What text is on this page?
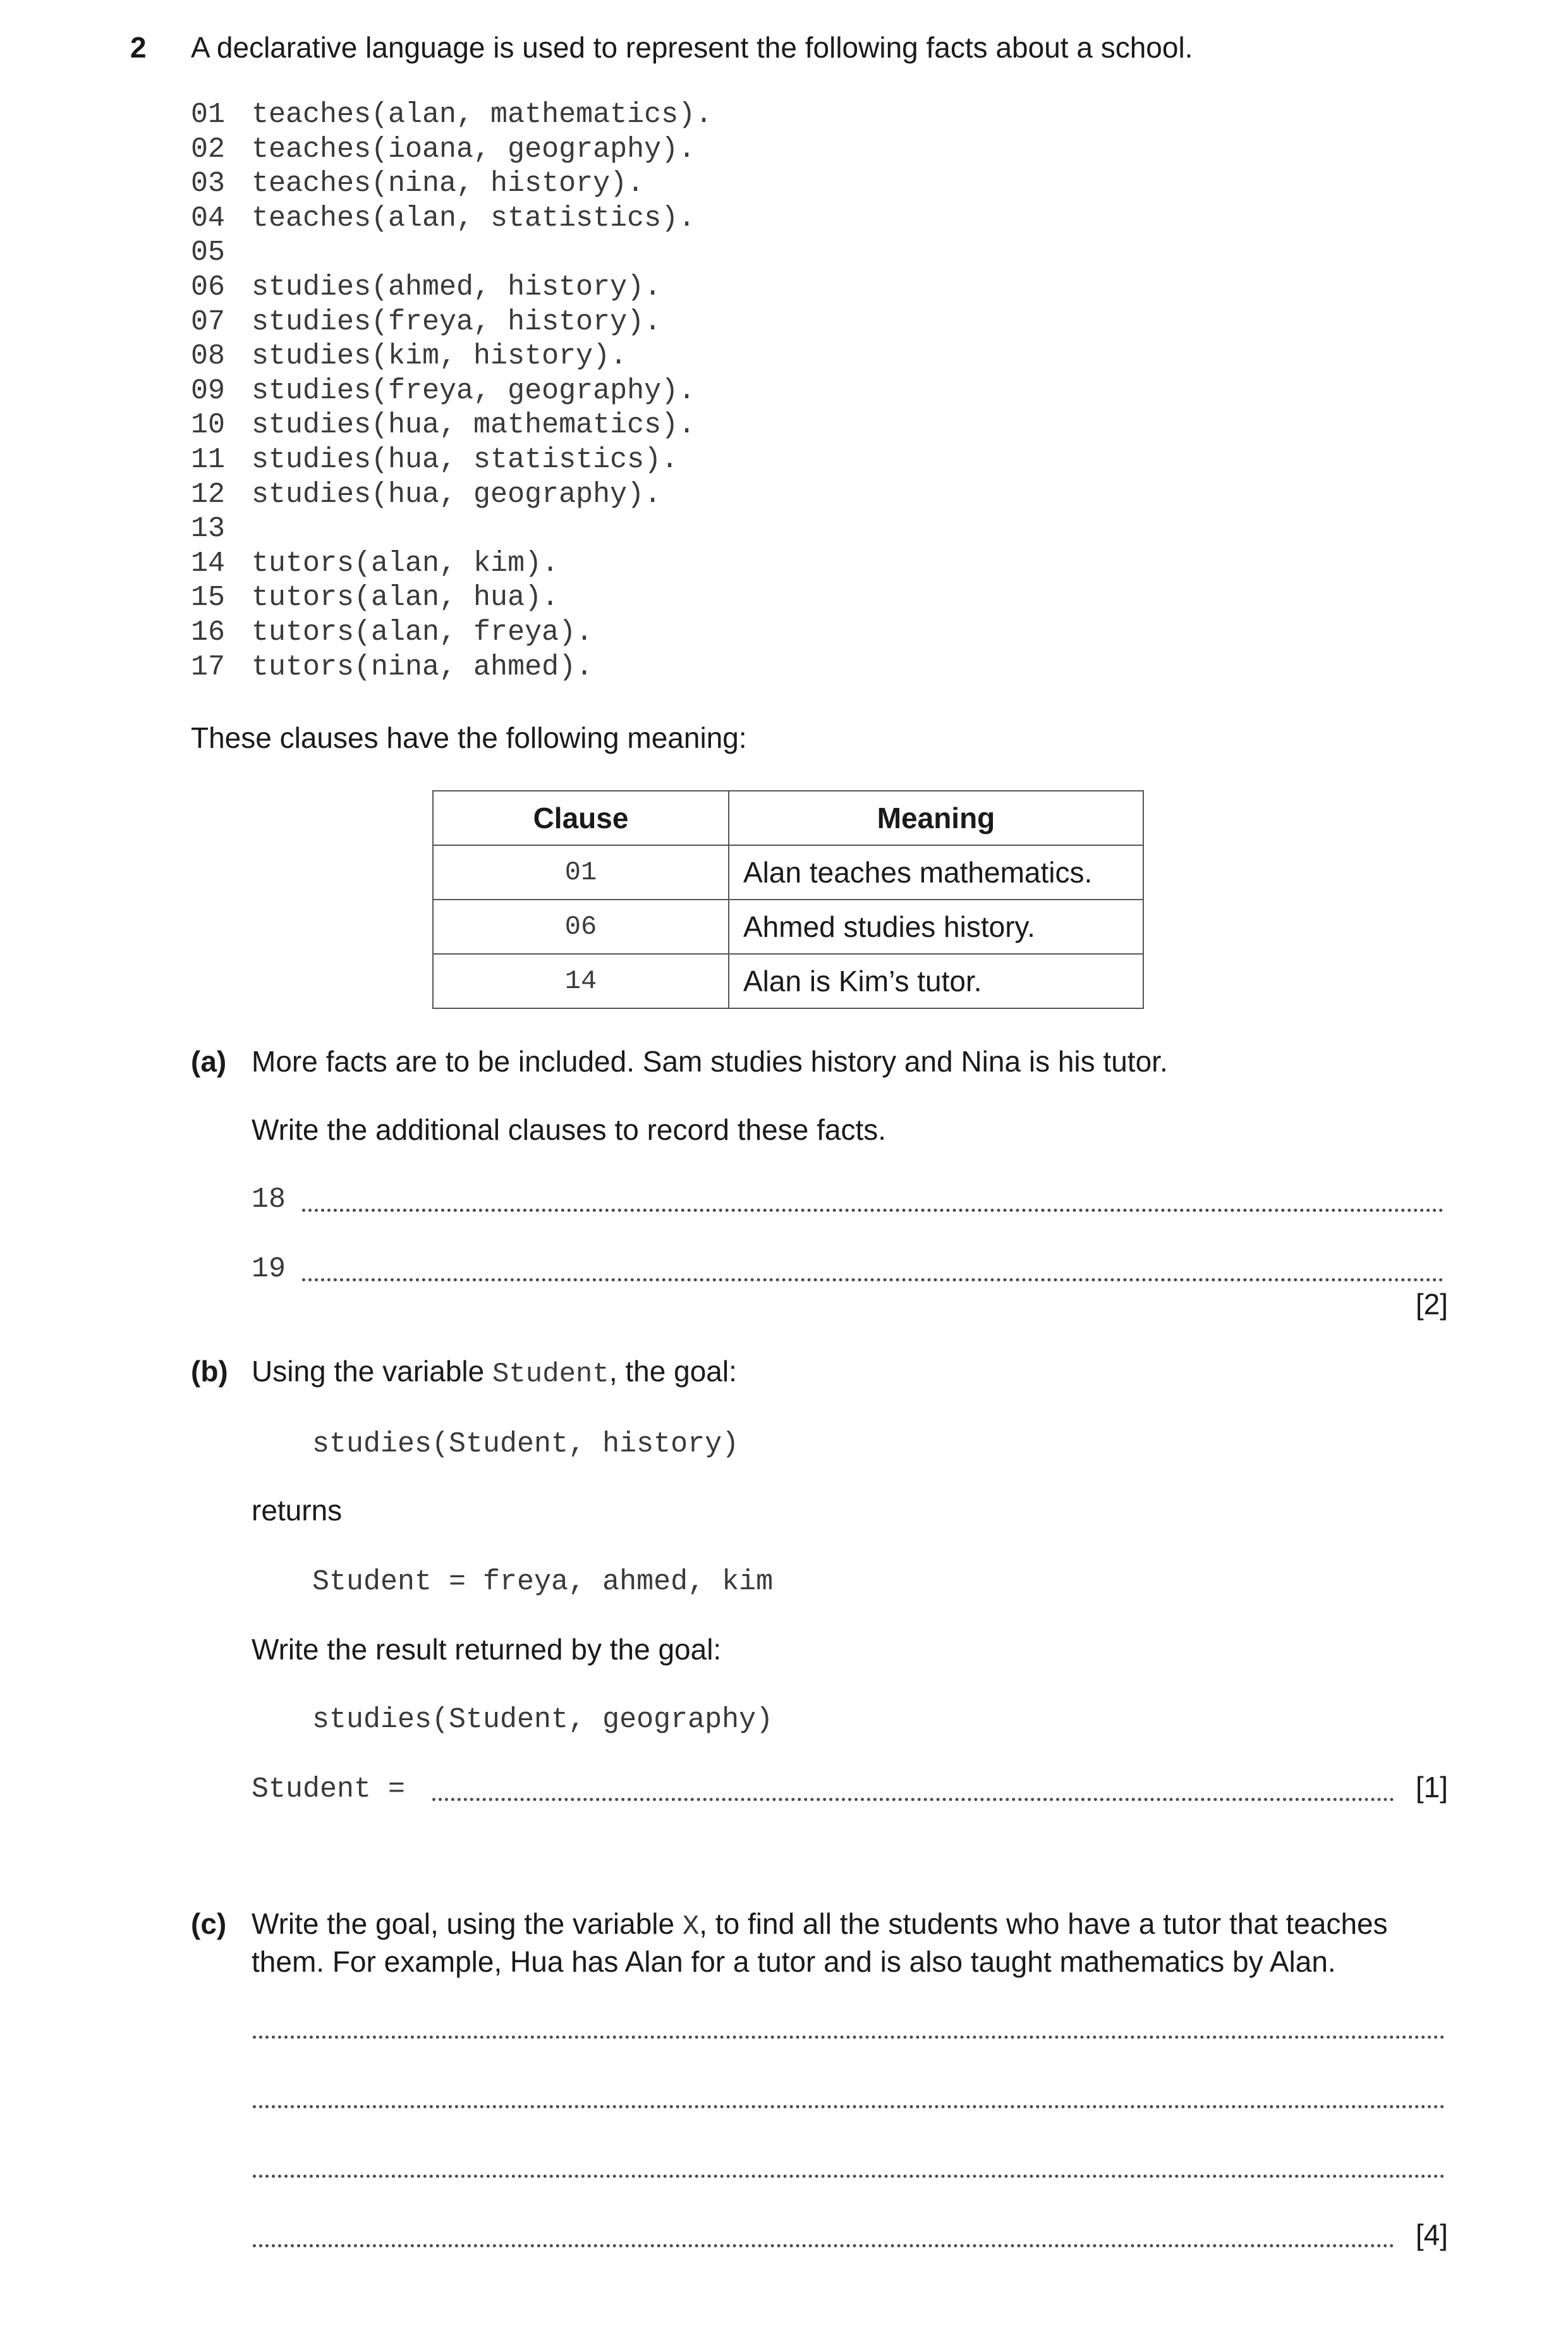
2 A declarative language is used to represent the following facts about a school.
01 teaches(alan, mathematics).
02 teaches(ioana, geography).
03 teaches(nina, history).
04 teaches(alan, statistics).
05
06 studies(ahmed, history).
07 studies(freya, history).
08 studies(kim, history).
09 studies(freya, geography).
10 studies(hua, mathematics).
11 studies(hua, statistics).
12 studies(hua, geography).
13
14 tutors(alan, kim).
15 tutors(alan, hua).
16 tutors(alan, freya).
17 tutors(nina, ahmed).
These clauses have the following meaning:
Clause	Meaning
01	Alan teaches mathematics.
06	Ahmed studies history.
14	Alan is Kim’s tutor.
(a) More facts are to be included. Sam studies history and Nina is his tutor.
Write the additional clauses to record these facts.
18
19
[2]
(b) Using the variable Student, the goal:
studies(Student, history)
returns
Student = freya, ahmed, kim
Write the result returned by the goal:
studies(Student, geography)
Student =	[1]
(c) Write the goal, using the variable X, to find all the students who have a tutor that teaches
them. For example, Hua has Alan for a tutor and is also taught mathematics by Alan.
[4]
